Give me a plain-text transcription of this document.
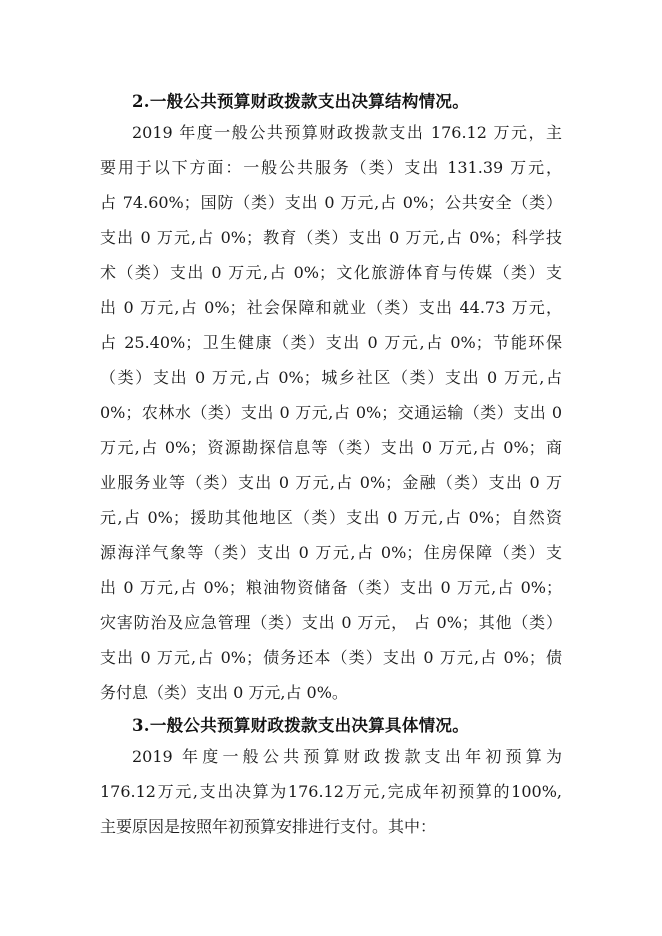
2.一般公共预算财政拨款支出决算结构情况。

2019 年度一般公共预算财政拨款支出 176.12 万元，主

要用于以下方面：一般公共服务（类）支出 131.39 万元，

占 74.60%；国防（类）支出 0 万元,占 0%；公共安全（类）

支出 0 万元,占 0%；教育（类）支出 0 万元,占 0%；科学技

术（类）支出 0 万元,占 0%；文化旅游体育与传媒（类）支

出 0 万元,占 0%；社会保障和就业（类）支出 44.73 万元，

占 25.40%；卫生健康（类）支出 0 万元,占 0%；节能环保

（类）支出 0 万元,占 0%；城乡社区（类）支出 0 万元,占

0%；农林水（类）支出 0 万元,占 0%；交通运输（类）支出 0

万元,占 0%；资源勘探信息等（类）支出 0 万元,占 0%；商

业服务业等（类）支出 0 万元,占 0%；金融（类）支出 0 万

元,占 0%；援助其他地区（类）支出 0 万元,占 0%；自然资

源海洋气象等（类）支出 0 万元,占 0%；住房保障（类）支

出 0 万元,占 0%；粮油物资储备（类）支出 0 万元,占 0%；

灾害防治及应急管理（类）支出 0 万元， 占 0%；其他（类）

支出 0 万元,占 0%；债务还本（类）支出 0 万元,占 0%；债

务付息（类）支出 0 万元,占 0%。

3.一般公共预算财政拨款支出决算具体情况。

2019 年度一般公共预算财政拨款支出年初预算为

176.12万元,支出决算为176.12万元,完成年初预算的100%,

主要原因是按照年初预算安排进行支付。其中：
